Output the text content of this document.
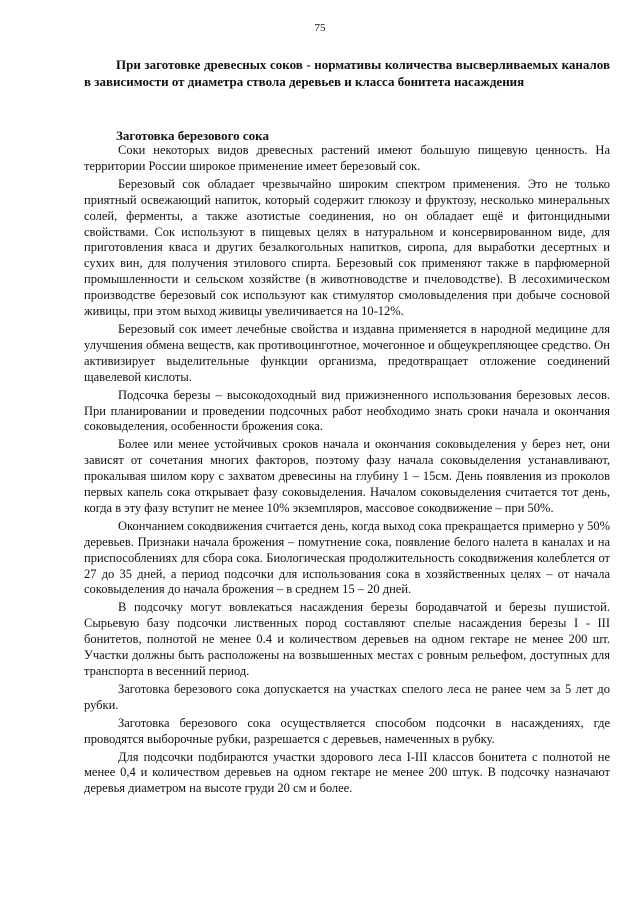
75
При заготовке древесных соков - нормативы количества высверливаемых каналов в зависимости от диаметра ствола деревьев и класса бонитета насаждения
Заготовка березового сока

Соки некоторых видов древесных растений имеют большую пищевую ценность. На территории России широкое применение имеет березовый сок.

Березовый сок обладает чрезвычайно широким спектром применения. Это не только приятный освежающий напиток, который содержит глюкозу и фруктозу, несколько минеральных солей, ферменты, а также азотистые соединения, но он обладает ещё и фитонцидными свойствами. Сок используют в пищевых целях в натуральном и консервированном виде, для приготовления кваса и других безалкогольных напитков, сиропа, для выработки десертных и сухих вин, для получения этилового спирта. Березовый сок применяют также в парфюмерной промышленности и сельском хозяйстве (в животноводстве и пчеловодстве). В лесохимическом производстве березовый сок используют как стимулятор смоловыделения при добыче сосновой живицы, при этом выход живицы увеличивается на 10-12%.

Березовый сок имеет лечебные свойства и издавна применяется в народной медицине для улучшения обмена веществ, как противоцинготное, мочегонное и общеукрепляющее средство. Он активизирует выделительные функции организма, предотвращает отложение соединений щавелевой кислоты.

Подсочка березы – высокодоходный вид прижизненного использования березовых лесов. При планировании и проведении подсочных работ необходимо знать сроки начала и окончания соковыделения, особенности брожения сока.

Более или менее устойчивых сроков начала и окончания соковыделения у берез нет, они зависят от сочетания многих факторов, поэтому фазу начала соковыделения устанавливают, прокалывая шилом кору с захватом древесины на глубину 1 – 15см. День появления из проколов первых капель сока открывает фазу соковыделения. Началом соковыделения считается тот день, когда в эту фазу вступит не менее 10% экземпляров, массовое сокодвижение – при 50%.

Окончанием сокодвижения считается день, когда выход сока прекращается примерно у 50% деревьев. Признаки начала брожения – помутнение сока, появление белого налета в каналах и на приспособлениях для сбора сока. Биологическая продолжительность сокодвижения колеблется от 27 до 35 дней, а период подсочки для использования сока в хозяйственных целях – от начала соковыделения до начала брожения – в среднем 15 – 20 дней.

В подсочку могут вовлекаться насаждения березы бородавчатой и березы пушистой. Сырьевую базу подсочки лиственных пород составляют спелые насаждения березы I - III бонитетов, полнотой не менее 0.4 и количеством деревьев на одном гектаре не менее 200 шт. Участки должны быть расположены на возвышенных местах с ровным рельефом, доступных для транспорта в весенний период.

Заготовка березового сока допускается на участках спелого леса не ранее чем за 5 лет до рубки.

Заготовка березового сока осуществляется способом подсочки в насаждениях, где проводятся выборочные рубки, разрешается с деревьев, намеченных в рубку.

Для подсочки подбираются участки здорового леса I-III классов бонитета с полнотой не менее 0,4 и количеством деревьев на одном гектаре не менее 200 штук. В подсочку назначают деревья диаметром на высоте груди 20 см и более.
